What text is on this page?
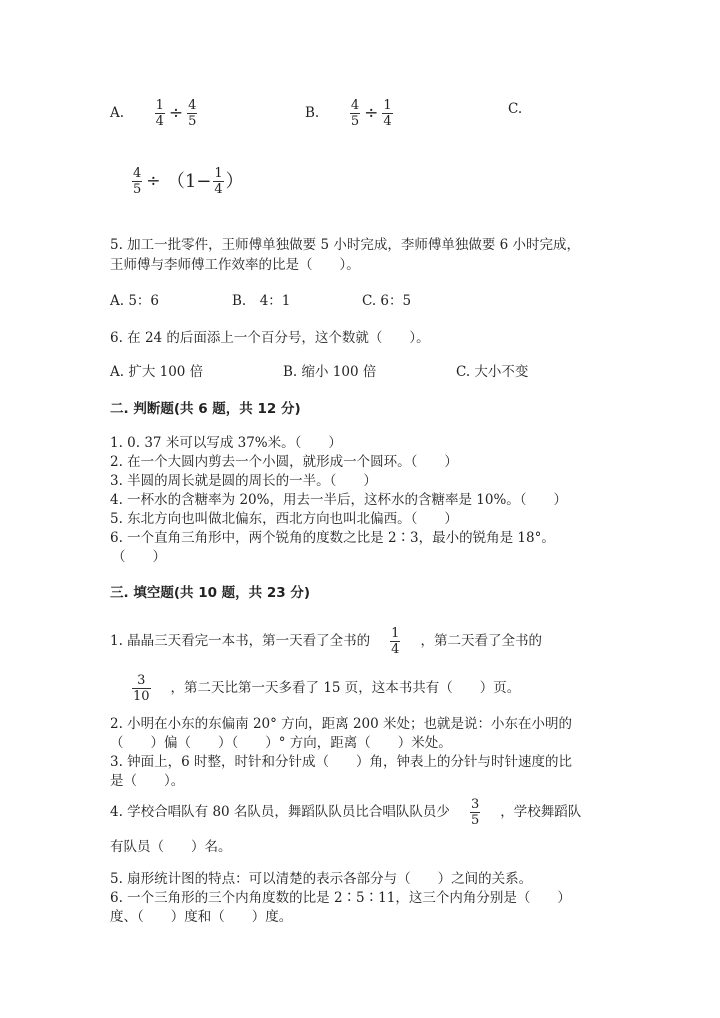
A. $\frac{1}{4} \div \frac{4}{5}$	B. $\frac{4}{5} \div \frac{1}{4}$	C.
$\frac{4}{5} \div (1- \frac{1}{4}$ ）
5. 加工一批零件，王师傅单独做要 5 小时完成，李师傅单独做要 6 小时完成，
王师傅与李师傅工作效率的比是（　　）。
A. 5：6	B.　4：1	C. 6：5
6. 在 24 的后面添上一个百分号，这个数就（　　）。
A. 扩大 100 倍	B. 缩小 100 倍	C. 大小不变
二. 判断题(共 6 题，共 12 分)
1. 0. 37 米可以写成 37%米。（　　）
2. 在一个大圆内剪去一个小圆，就形成一个圆环。（　　）
3. 半圆的周长就是圆的周长的一半。（　　）
4. 一杯水的含糖率为 20%，用去一半后，这杯水的含糖率是 10%。（　　）
5. 东北方向也叫做北偏东，西北方向也叫北偏西。（　　）
6. 一个直角三角形中，两个锐角的度数之比是 2∶3，最小的锐角是 18°。
（　　）
三. 填空题(共 10 题，共 23 分)
1. 晶晶三天看完一本书，第一天看了全书的 $\frac{1}{4}$ ，第二天看了全书的
$\frac{3}{10}$ ，第二天比第一天多看了 15 页，这本书共有（　　）页。
2. 小明在小东的东偏南 20° 方向，距离 200 米处；也就是说：小东在小明的
（　　）偏（　　）（　　）° 方向，距离（　　）米处。
3. 钟面上，6 时整，时针和分针成（　　）角，钟表上的分针与时针速度的比
是（　　）。
4. 学校合唱队有 80 名队员，舞蹈队队员比合唱队队员少 $\frac{3}{5}$ ，学校舞蹈队
有队员（　　）名。
5. 扇形统计图的特点：可以清楚的表示各部分与（　　）之间的关系。
6. 一个三角形的三个内角度数的比是 2∶5∶11，这三个内角分别是（　　）
度、（　　）度和（　　）度。
